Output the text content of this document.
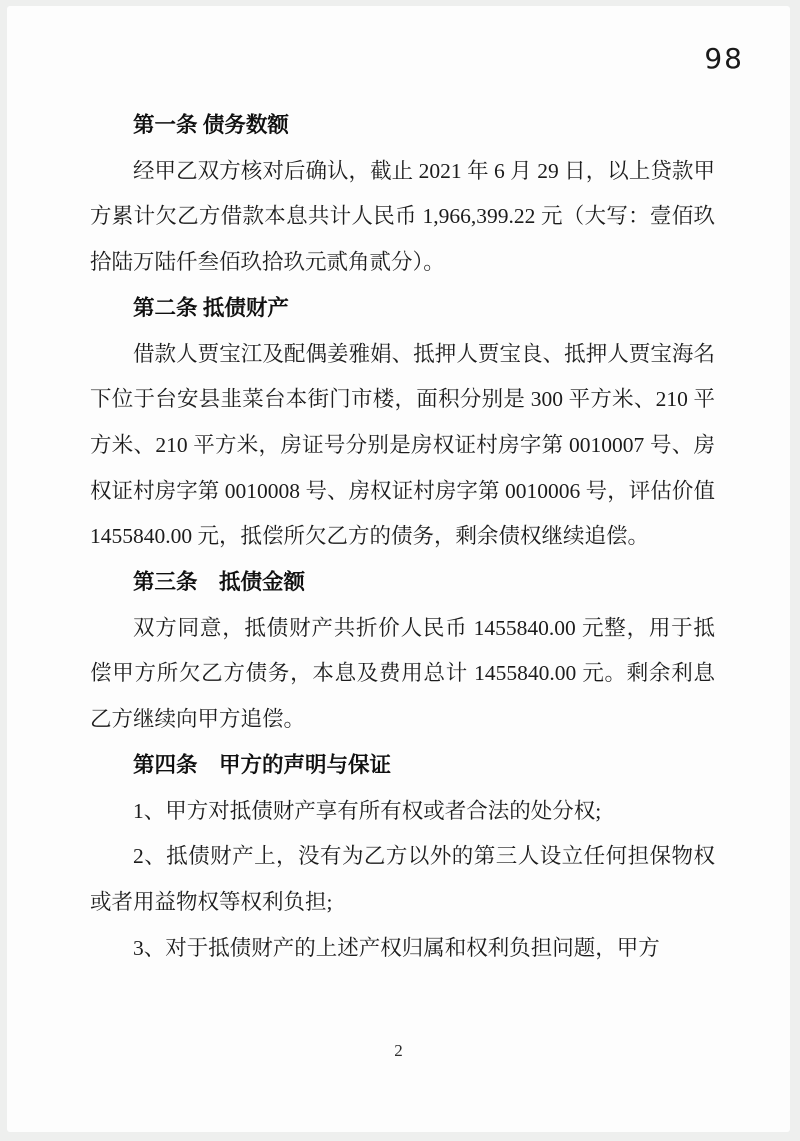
98
第一条 债务数额

经甲乙双方核对后确认，截止 2021 年 6 月 29 日，以上贷款甲方累计欠乙方借款本息共计人民币 1,966,399.22 元（大写：壹佰玖拾陆万陆仟叁佰玖拾玖元贰角贰分）。

第二条 抵债财产

借款人贾宝江及配偶姜雅娟、抵押人贾宝良、抵押人贾宝海名下位于台安县韭菜台本街门市楼，面积分别是 300 平方米、210 平方米、210 平方米，房证号分别是房权证村房字第 0010007 号、房权证村房字第 0010008 号、房权证村房字第 0010006 号，评估价值 1455840.00 元，抵偿所欠乙方的债务，剩余债权继续追偿。

第三条　抵债金额

双方同意，抵债财产共折价人民币 1455840.00 元整，用于抵偿甲方所欠乙方债务，本息及费用总计 1455840.00 元。剩余利息乙方继续向甲方追偿。

第四条　甲方的声明与保证

1、甲方对抵债财产享有所有权或者合法的处分权;

2、抵债财产上，没有为乙方以外的第三人设立任何担保物权或者用益物权等权利负担;

3、对于抵债财产的上述产权归属和权利负担问题，甲方

2
